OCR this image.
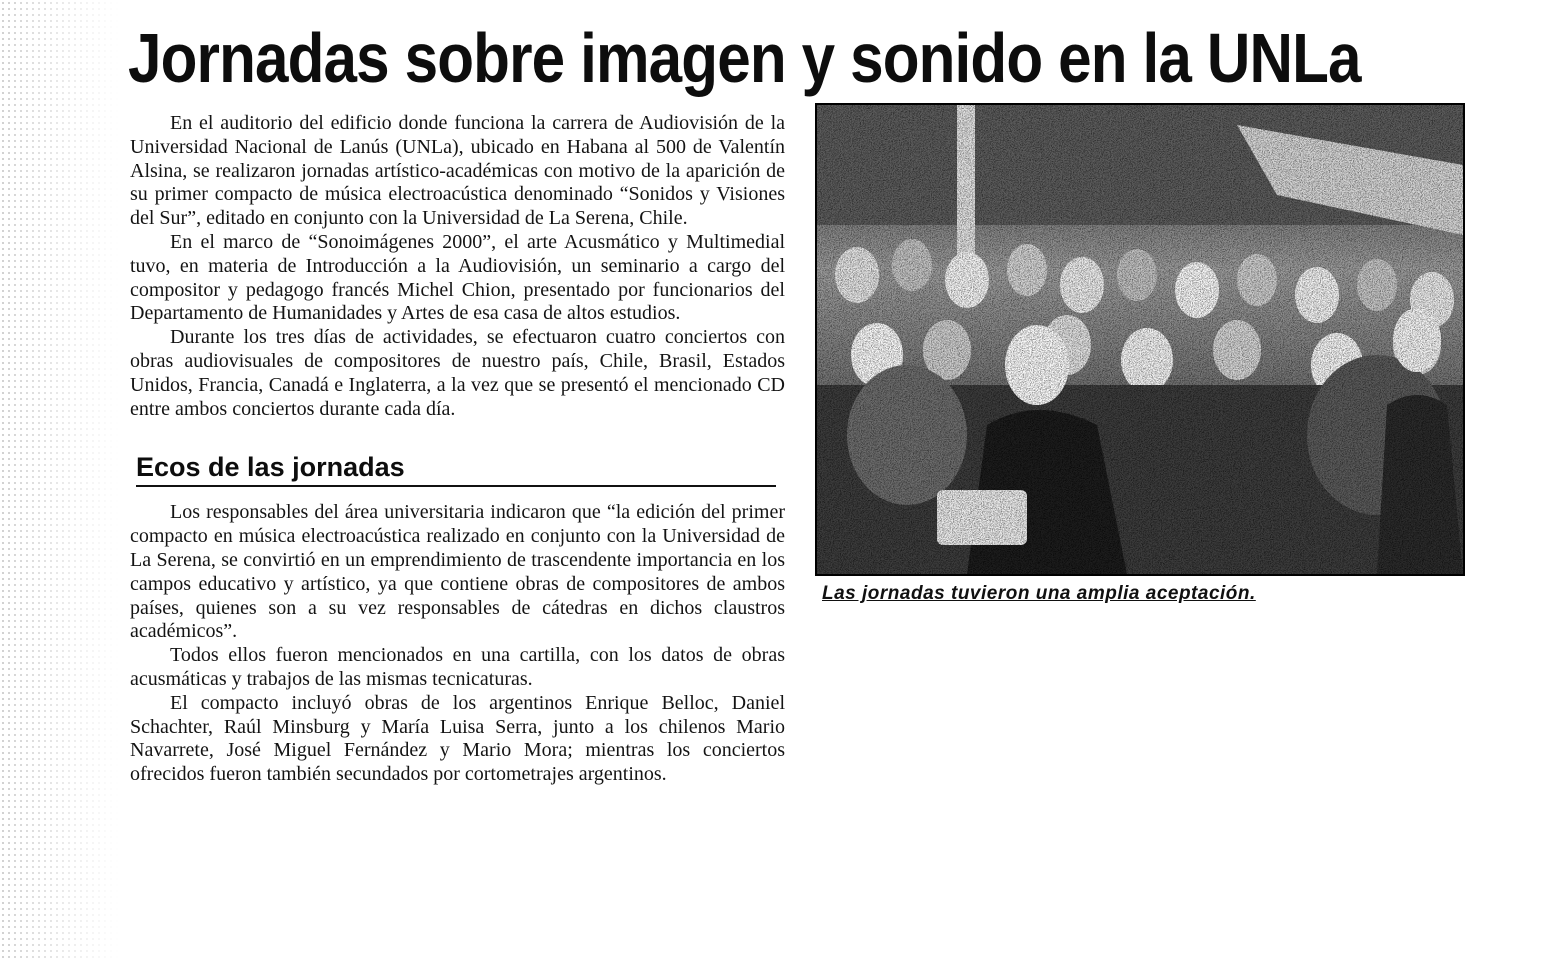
Jornadas sobre imagen y sonido en la UNLa

En el auditorio del edificio donde funciona la carrera de Audiovisión de la Universidad Nacional de Lanús (UNLa), ubicado en Habana al 500 de Valentín Alsina, se realizaron jornadas artístico-académicas con motivo de la aparición de su primer compacto de música electroacústica denominado “Sonidos y Visiones del Sur”, editado en conjunto con la Universidad de La Serena, Chile.

En el marco de “Sonoimágenes 2000”, el arte Acusmático y Multimedial tuvo, en materia de Introducción a la Audiovisión, un seminario a cargo del compositor y pedagogo francés Michel Chion, presentado por funcionarios del Departamento de Humanidades y Artes de esa casa de altos estudios.

Durante los tres días de actividades, se efectuaron cuatro conciertos con obras audiovisuales de compositores de nuestro país, Chile, Brasil, Estados Unidos, Francia, Canadá e Inglaterra, a la vez que se presentó el mencionado CD entre ambos conciertos durante cada día.

Ecos de las jornadas

Los responsables del área universitaria indicaron que “la edición del primer compacto en música electroacústica realizado en conjunto con la Universidad de La Serena, se convirtió en un emprendimiento de trascendente importancia en los campos educativo y artístico, ya que contiene obras de compositores de ambos países, quienes son a su vez responsables de cátedras en dichos claustros académicos”.

Todos ellos fueron mencionados en una cartilla, con los datos de obras acusmáticas y trabajos de las mismas tecnicaturas.

El compacto incluyó obras de los argentinos Enrique Belloc, Daniel Schachter, Raúl Minsburg y María Luisa Serra, junto a los chilenos Mario Navarrete, José Miguel Fernández y Mario Mora; mientras los conciertos ofrecidos fueron también secundados por cortometrajes argentinos.

Las jornadas tuvieron una amplia aceptación.
